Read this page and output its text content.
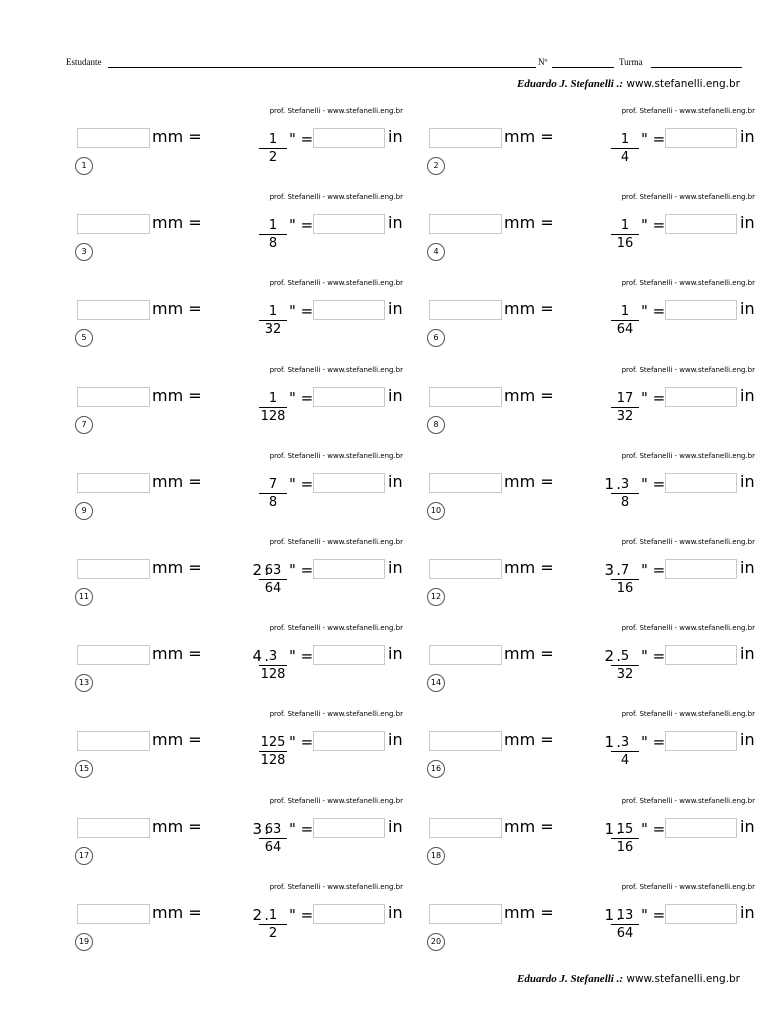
Estudante	Nº	Turma
Eduardo J. Stefanelli .: www.stefanelli.eng.br
prof. Stefanelli - www.stefanelli.eng.br
mm =	1
2
" =	in
1
prof. Stefanelli - www.stefanelli.eng.br
mm =	1
4
" =	in
2
prof. Stefanelli - www.stefanelli.eng.br
mm =	1
8
" =	in
3
prof. Stefanelli - www.stefanelli.eng.br
mm =	1
16
" =	in
4
prof. Stefanelli - www.stefanelli.eng.br
mm =	1
32
" =	in
5
prof. Stefanelli - www.stefanelli.eng.br
mm =	1
64
" =	in
6
prof. Stefanelli - www.stefanelli.eng.br
mm =	1
128
" =	in
7
prof. Stefanelli - www.stefanelli.eng.br
mm =	17
32
" =	in
8
prof. Stefanelli - www.stefanelli.eng.br
mm =	7
8
" =	in
9
prof. Stefanelli - www.stefanelli.eng.br
mm =	1 . 3
8
" =	in
10
prof. Stefanelli - www.stefanelli.eng.br
mm =	2 . 63
64
" =	in
11
prof. Stefanelli - www.stefanelli.eng.br
mm =	3 . 7
16
" =	in
12
prof. Stefanelli - www.stefanelli.eng.br
mm =	4 . 3
128
" =	in
13
prof. Stefanelli - www.stefanelli.eng.br
mm =	2 . 5
32
" =	in
14
prof. Stefanelli - www.stefanelli.eng.br
mm =	125
128
" =	in
15
prof. Stefanelli - www.stefanelli.eng.br
mm =	1 . 3
4
" =	in
16
prof. Stefanelli - www.stefanelli.eng.br
mm =	3 . 63
64
" =	in
17
prof. Stefanelli - www.stefanelli.eng.br
mm =	1 . 15
16
" =	in
18
prof. Stefanelli - www.stefanelli.eng.br
mm =	2 . 1
2
" =	in
19
prof. Stefanelli - www.stefanelli.eng.br
mm =	1 . 13
64
" =	in
20
Eduardo J. Stefanelli .: www.stefanelli.eng.br
